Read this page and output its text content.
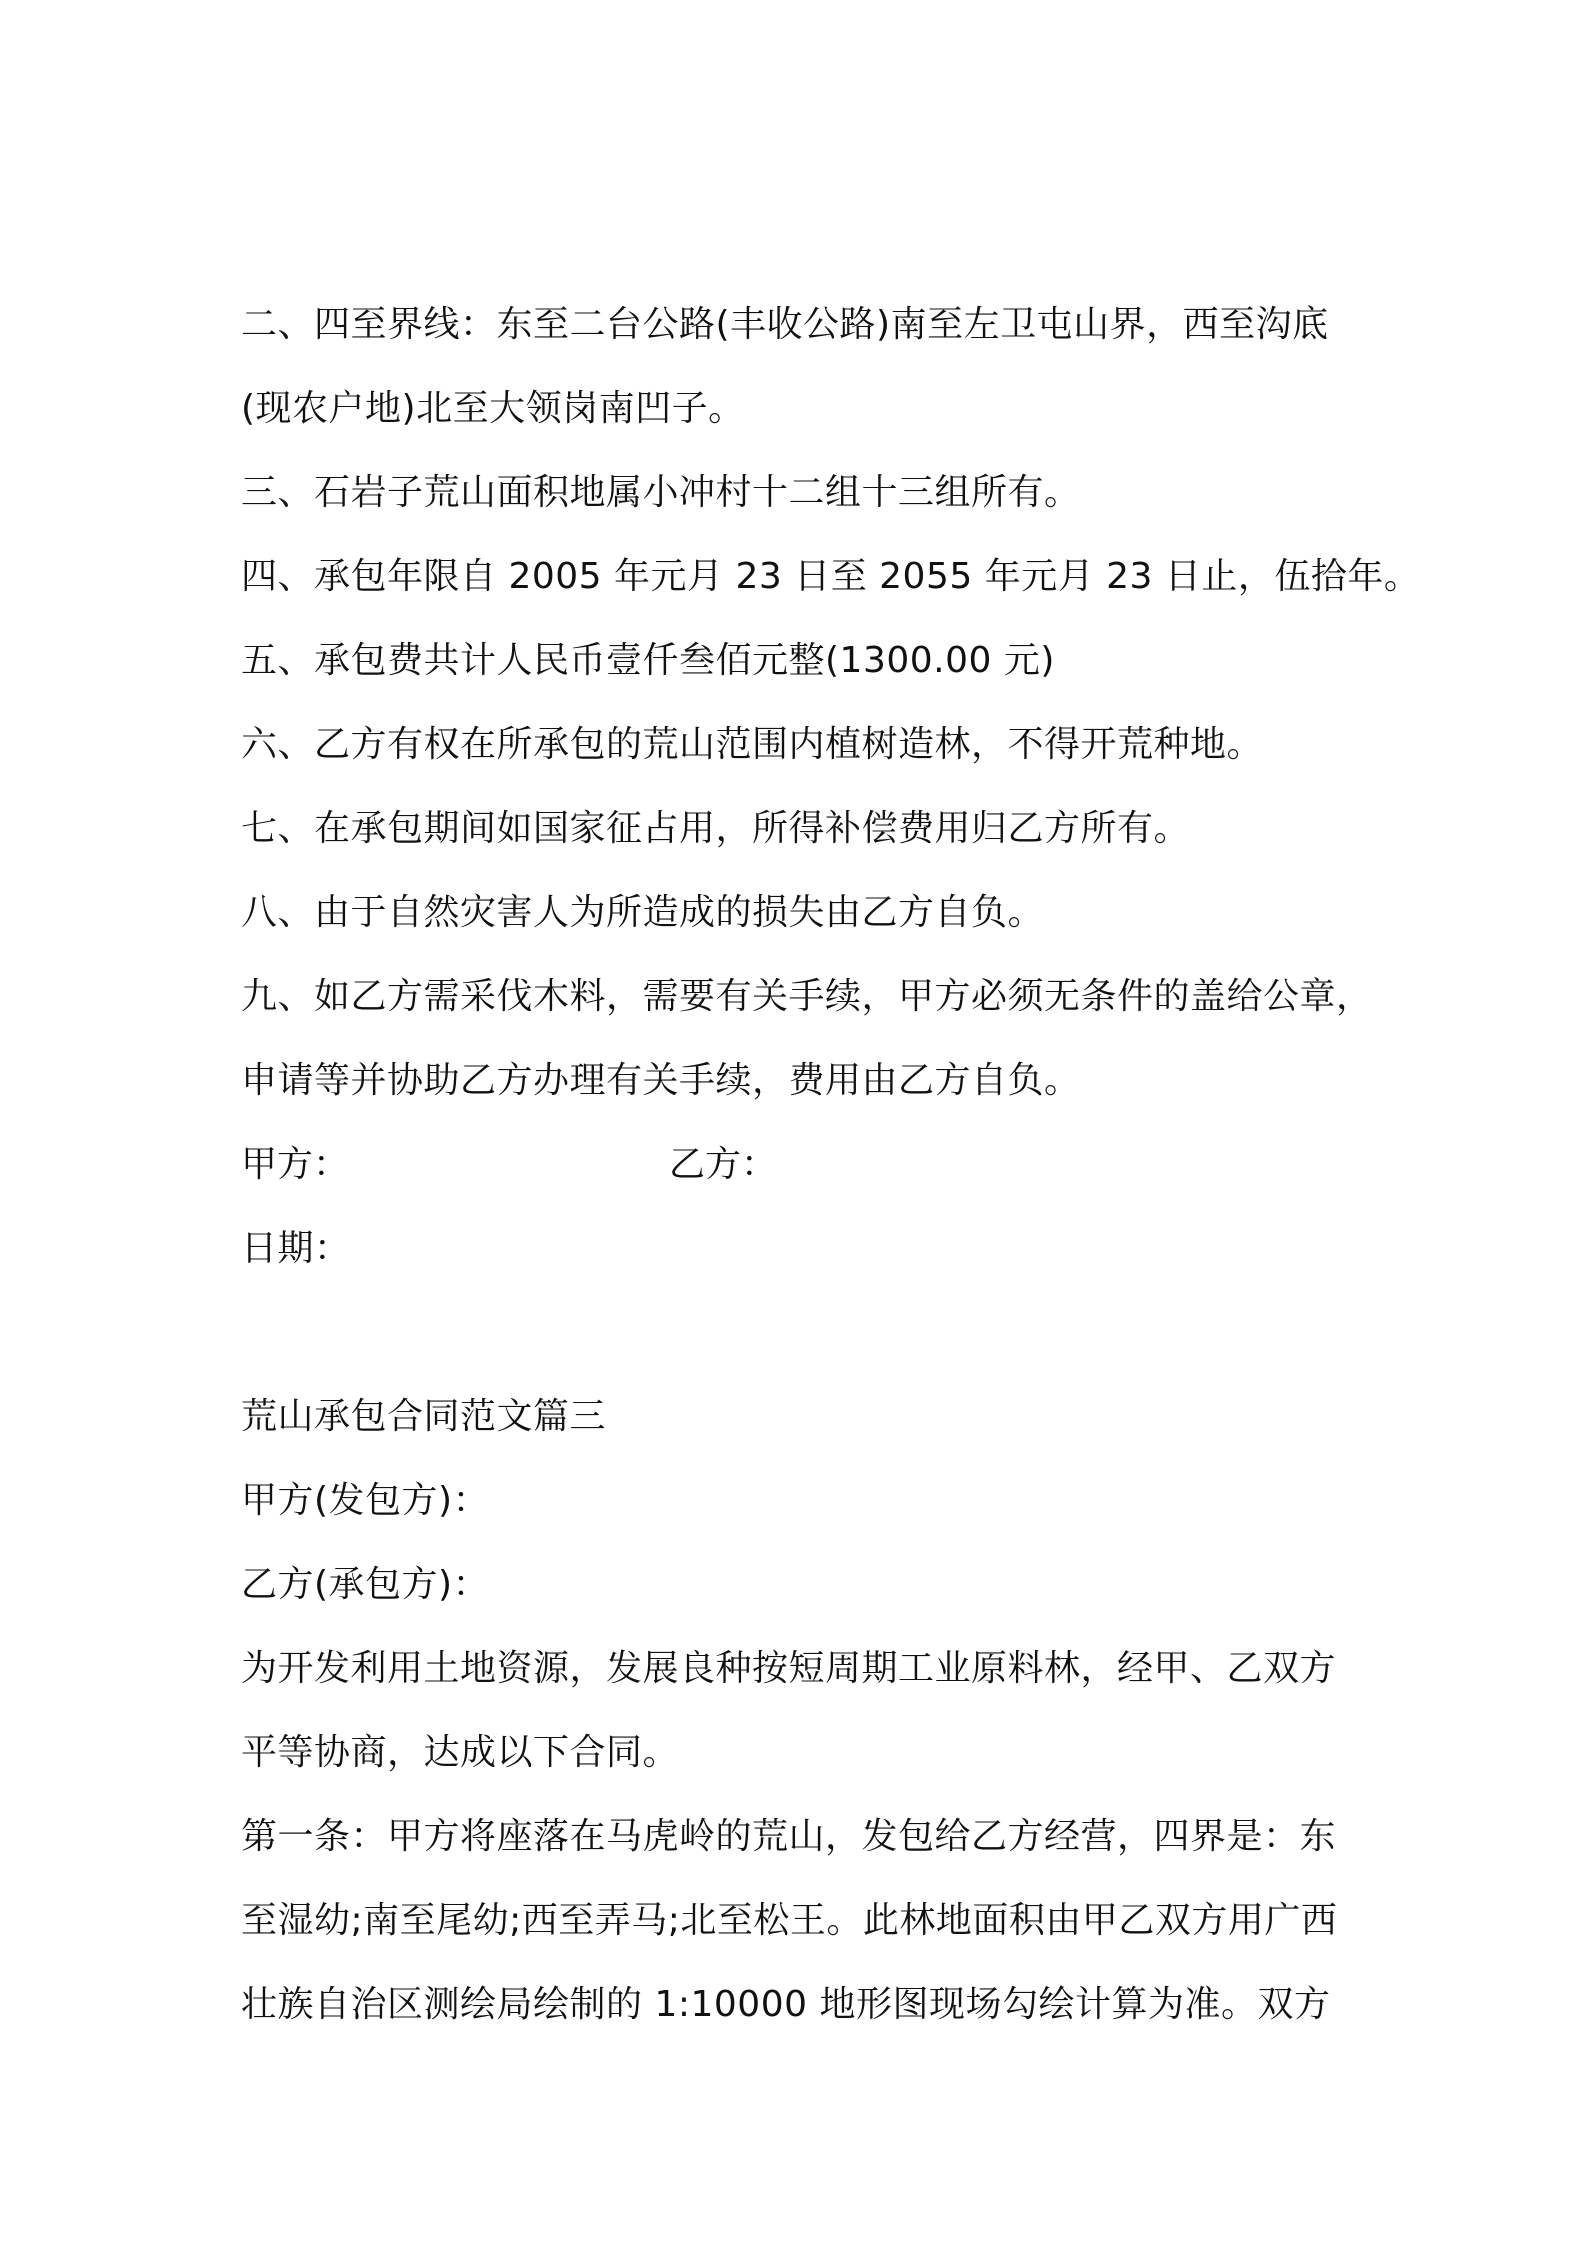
二、四至界线：东至二台公路(丰收公路)南至左卫屯山界，西至沟底
(现农户地)北至大领岗南凹子。
三、石岩子荒山面积地属小冲村十二组十三组所有。
四、承包年限自 2005 年元月 23 日至 2055 年元月 23 日止，伍拾年。
五、承包费共计人民币壹仟叁佰元整(1300.00 元)
六、乙方有权在所承包的荒山范围内植树造林，不得开荒种地。
七、在承包期间如国家征占用，所得补偿费用归乙方所有。
八、由于自然灾害人为所造成的损失由乙方自负。
九、如乙方需采伐木料，需要有关手续，甲方必须无条件的盖给公章，
申请等并协助乙方办理有关手续，费用由乙方自负。
甲方：	乙方：
日期：
荒山承包合同范文篇三
甲方(发包方)：
乙方(承包方)：
为开发利用土地资源，发展良种按短周期工业原料林，经甲、乙双方
平等协商，达成以下合同。
第一条：甲方将座落在马虎岭的荒山，发包给乙方经营，四界是：东
至湿幼;南至尾幼;西至弄马;北至松王。此林地面积由甲乙双方用广西
壮族自治区测绘局绘制的 1:10000 地形图现场勾绘计算为准。双方
